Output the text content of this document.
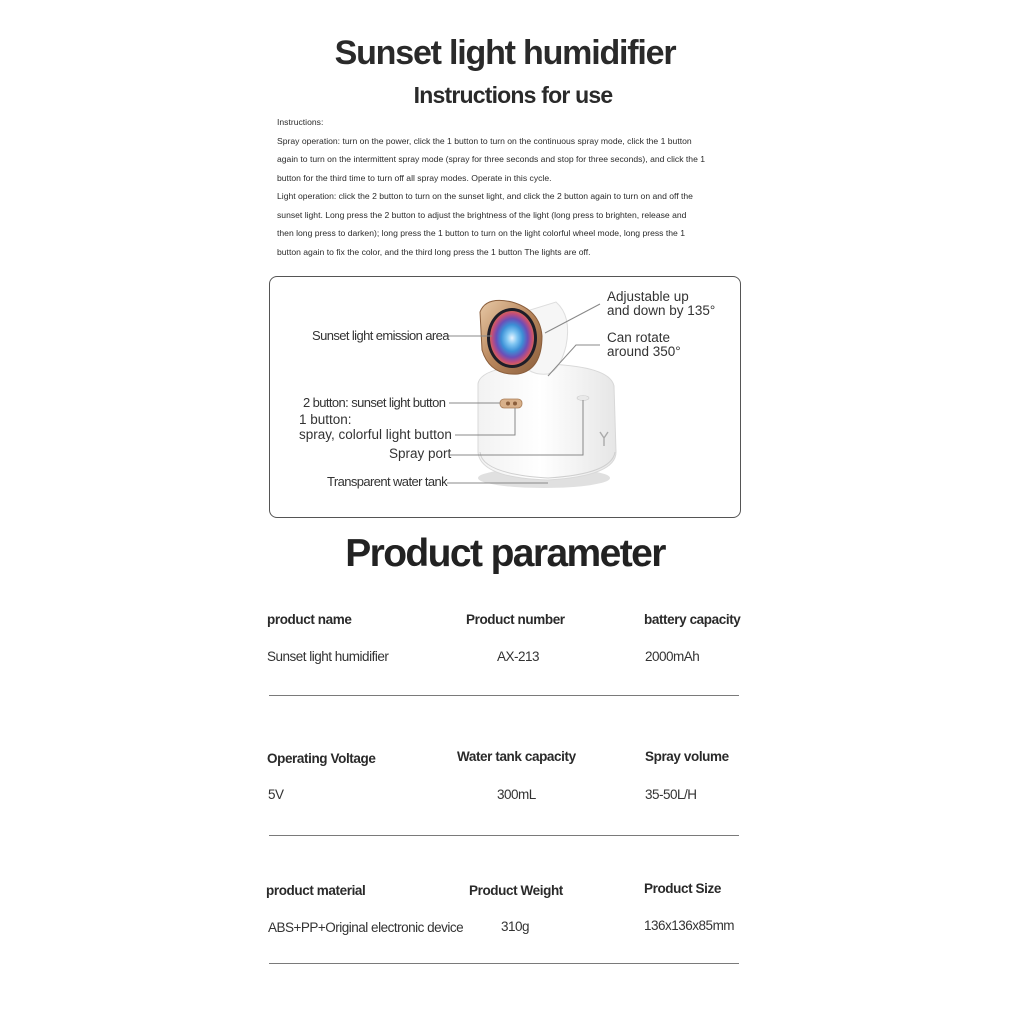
Sunset light humidifier
Instructions for use

Instructions:

Spray operation: turn on the power, click the 1 button to turn on the continuous spray mode, click the 1 button

again to turn on the intermittent spray mode (spray for three seconds and stop for three seconds), and click the 1

button for the third time to turn off all spray modes. Operate in this cycle.

Light operation: click the 2 button to turn on the sunset light, and click the 2 button again to turn on and off the

sunset light. Long press the 2 button to adjust the brightness of the light (long press to brighten, release and

then long press to darken); long press the 1 button to turn on the light colorful wheel mode, long press the 1

button again to fix the color, and the third long press the 1 button The lights are off.

Sunset light emission area
Adjustable up
and down by 135°
Can rotate
around 350°
2 button: sunset light button
1 button:
spray, colorful light button
Spray port
Transparent water tank
Product parameter
product name	Product number	battery capacity
Sunset light humidifier	AX-213	2000mAh
Operating Voltage	Water tank capacity	Spray volume
5V	300mL	35-50L/H
product material	Product Weight	Product Size
ABS+PP+Original electronic device	310g	136x136x85mm
